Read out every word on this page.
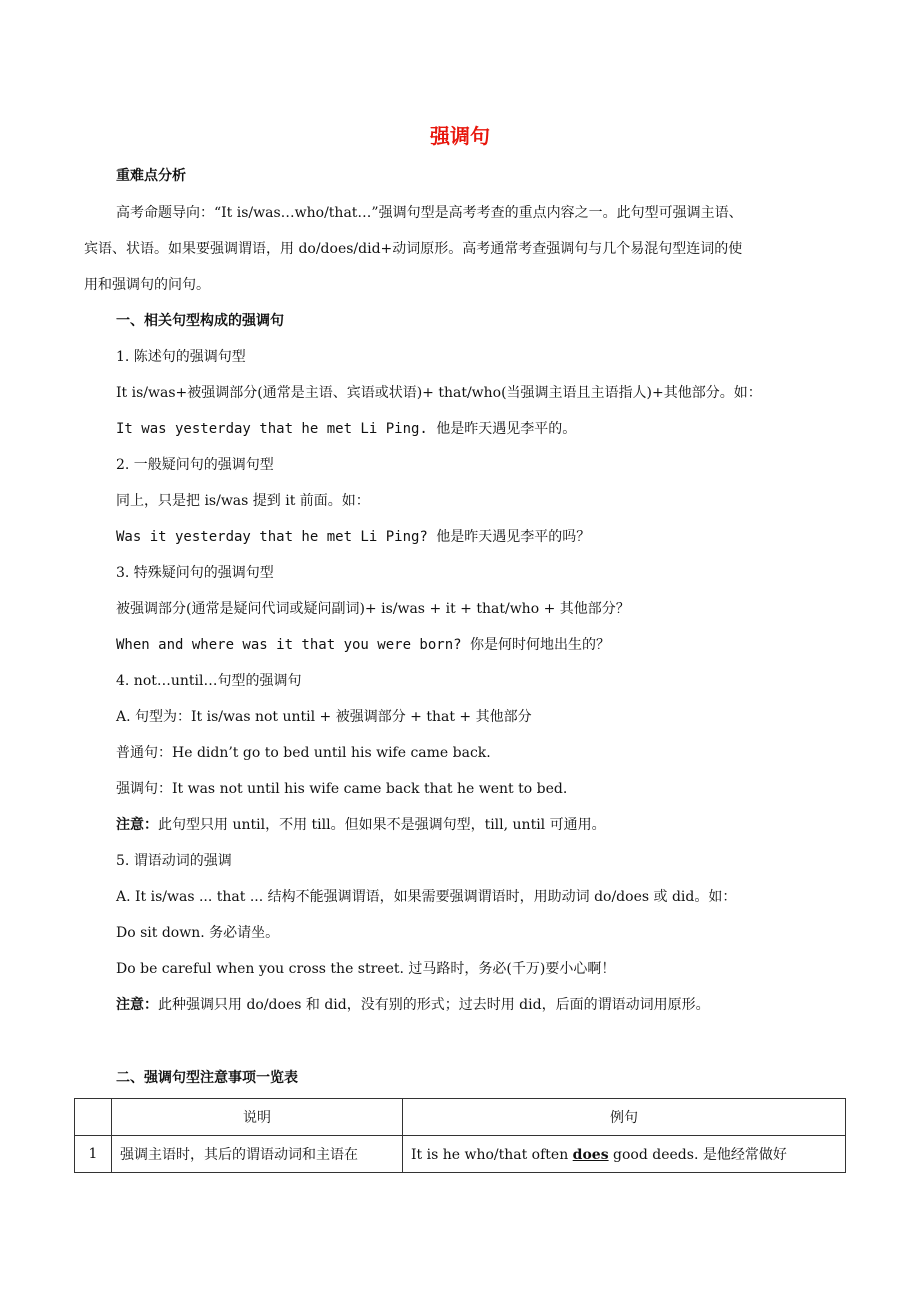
强调句
重难点分析
高考命题导向：“It is/was…who/that…”强调句型是高考考查的重点内容之一。此句型可强调主语、
宾语、状语。如果要强调谓语，用 do/does/did+动词原形。高考通常考查强调句与几个易混句型连词的使
用和强调句的问句。
一、相关句型构成的强调句
1. 陈述句的强调句型
It is/was+被强调部分(通常是主语、宾语或状语)+ that/who(当强调主语且主语指人)+其他部分。如：
It was yesterday that he met Li Ping. 他是昨天遇见李平的。
2. 一般疑问句的强调句型
同上，只是把 is/was 提到 it 前面。如：
Was it yesterday that he met Li Ping? 他是昨天遇见李平的吗？
3. 特殊疑问句的强调句型
被强调部分(通常是疑问代词或疑问副词)+ is/was + it + that/who + 其他部分？
When and where was it that you were born? 你是何时何地出生的？
4. not…until…句型的强调句
A. 句型为：It is/was not until + 被强调部分 + that + 其他部分
普通句：He didn’t go to bed until his wife came back.
强调句：It was not until his wife came back that he went to bed.
注意：此句型只用 until，不用 till。但如果不是强调句型，till, until 可通用。
5. 谓语动词的强调
A. It is/was ... that ... 结构不能强调谓语，如果需要强调谓语时，用助动词 do/does 或 did。如：
Do sit down. 务必请坐。
Do be careful when you cross the street. 过马路时，务必(千万)要小心啊！
注意：此种强调只用 do/does 和 did，没有别的形式；过去时用 did，后面的谓语动词用原形。
二、强调句型注意事项一览表
	说明	例句
1	强调主语时，其后的谓语动词和主语在	It is he who/that often does good deeds. 是他经常做好
